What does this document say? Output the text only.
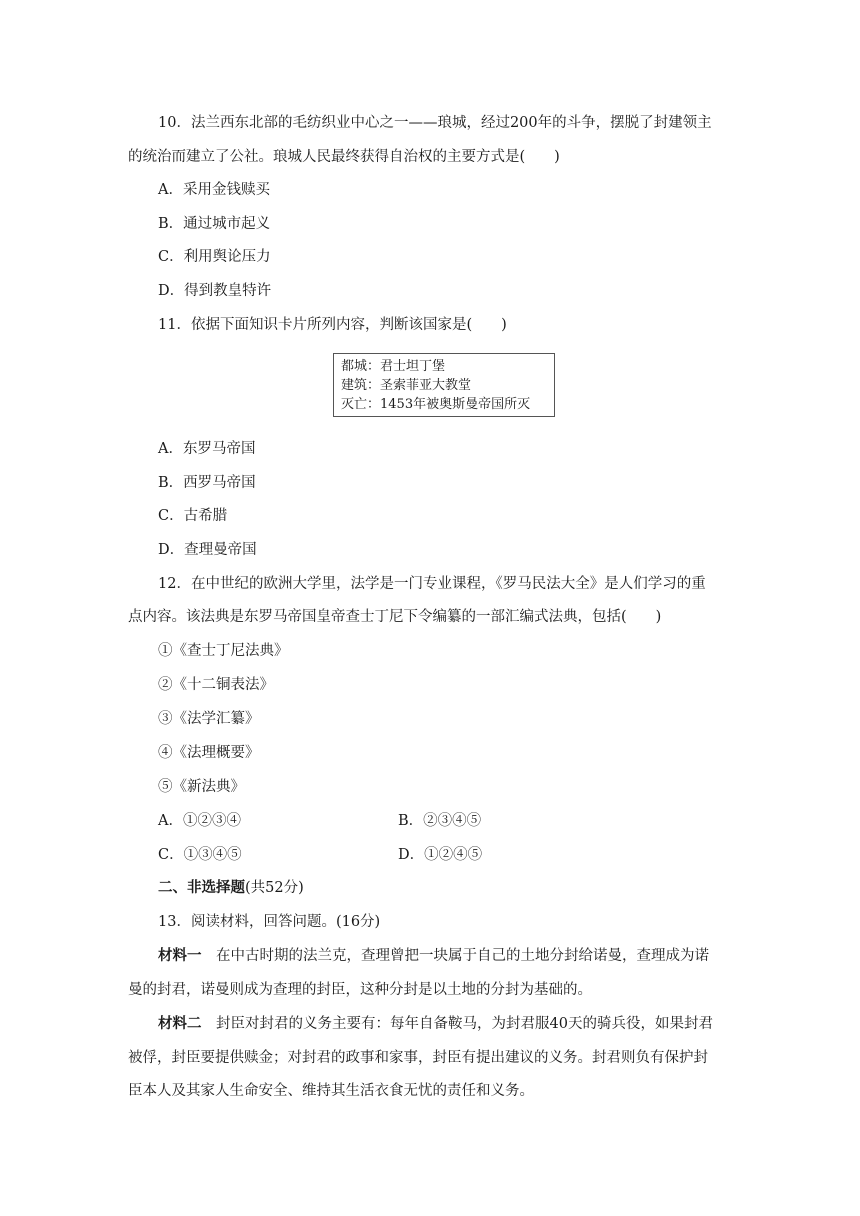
10．法兰西东北部的毛纺织业中心之一——琅城，经过200年的斗争，摆脱了封建领主
的统治而建立了公社。琅城人民最终获得自治权的主要方式是(　　)
A．采用金钱赎买
B．通过城市起义
C．利用舆论压力
D．得到教皇特许
11．依据下面知识卡片所列内容，判断该国家是(　　)
都城：君士坦丁堡
建筑：圣索菲亚大教堂
灭亡：1453年被奥斯曼帝国所灭
A．东罗马帝国
B．西罗马帝国
C．古希腊
D．查理曼帝国
12．在中世纪的欧洲大学里，法学是一门专业课程，《罗马民法大全》是人们学习的重
点内容。该法典是东罗马帝国皇帝查士丁尼下令编纂的一部汇编式法典，包括(　　)
①《查士丁尼法典》
②《十二铜表法》
③《法学汇纂》
④《法理概要》
⑤《新法典》
A．①②③④	B．②③④⑤
C．①③④⑤	D．①②④⑤
二、非选择题(共52分)
13．阅读材料，回答问题。(16分)
材料一　在中古时期的法兰克，查理曾把一块属于自己的土地分封给诺曼，查理成为诺
曼的封君，诺曼则成为查理的封臣，这种分封是以土地的分封为基础的。
材料二　封臣对封君的义务主要有：每年自备鞍马，为封君服40天的骑兵役，如果封君
被俘，封臣要提供赎金；对封君的政事和家事，封臣有提出建议的义务。封君则负有保护封
臣本人及其家人生命安全、维持其生活衣食无忧的责任和义务。
